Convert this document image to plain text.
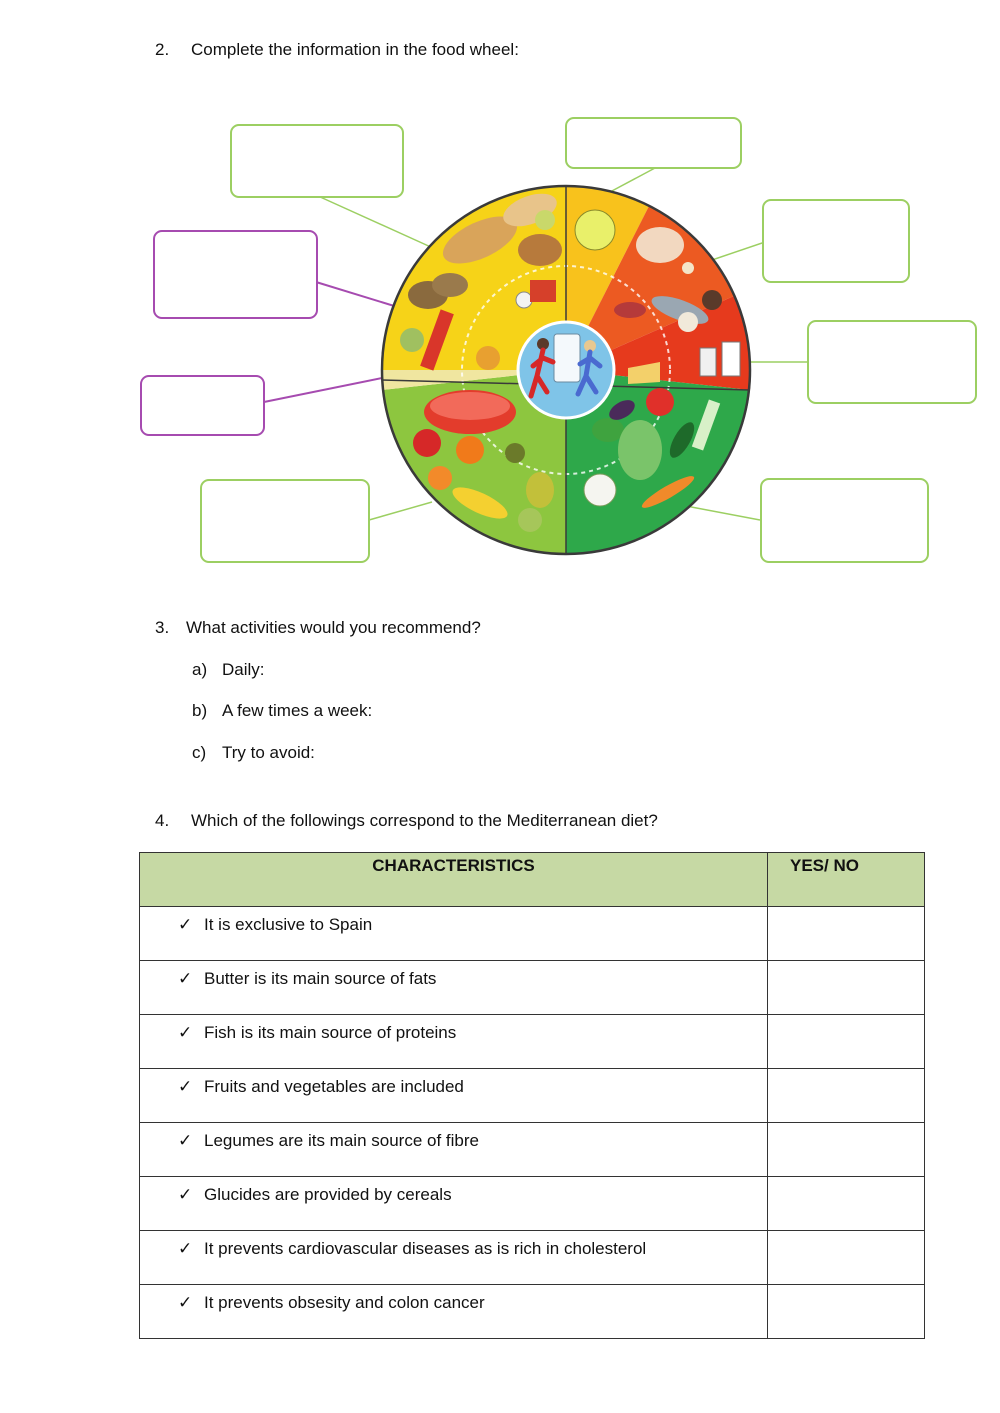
2. Complete the information in the food wheel:
3. What activities would you recommend?
a) Daily:
b) A few times a week:
c) Try to avoid:
4. Which of the followings correspond to the Mediterranean diet?
CHARACTERISTICS	YES/ NO
✓ It is exclusive to Spain	
✓ Butter is its main source of fats	
✓ Fish is its main source of proteins	
✓ Fruits and vegetables are included	
✓ Legumes are its main source of fibre	
✓ Glucides are provided by cereals	
✓ It prevents cardiovascular diseases as is rich in cholesterol	
✓ It prevents obsesity and colon cancer	
